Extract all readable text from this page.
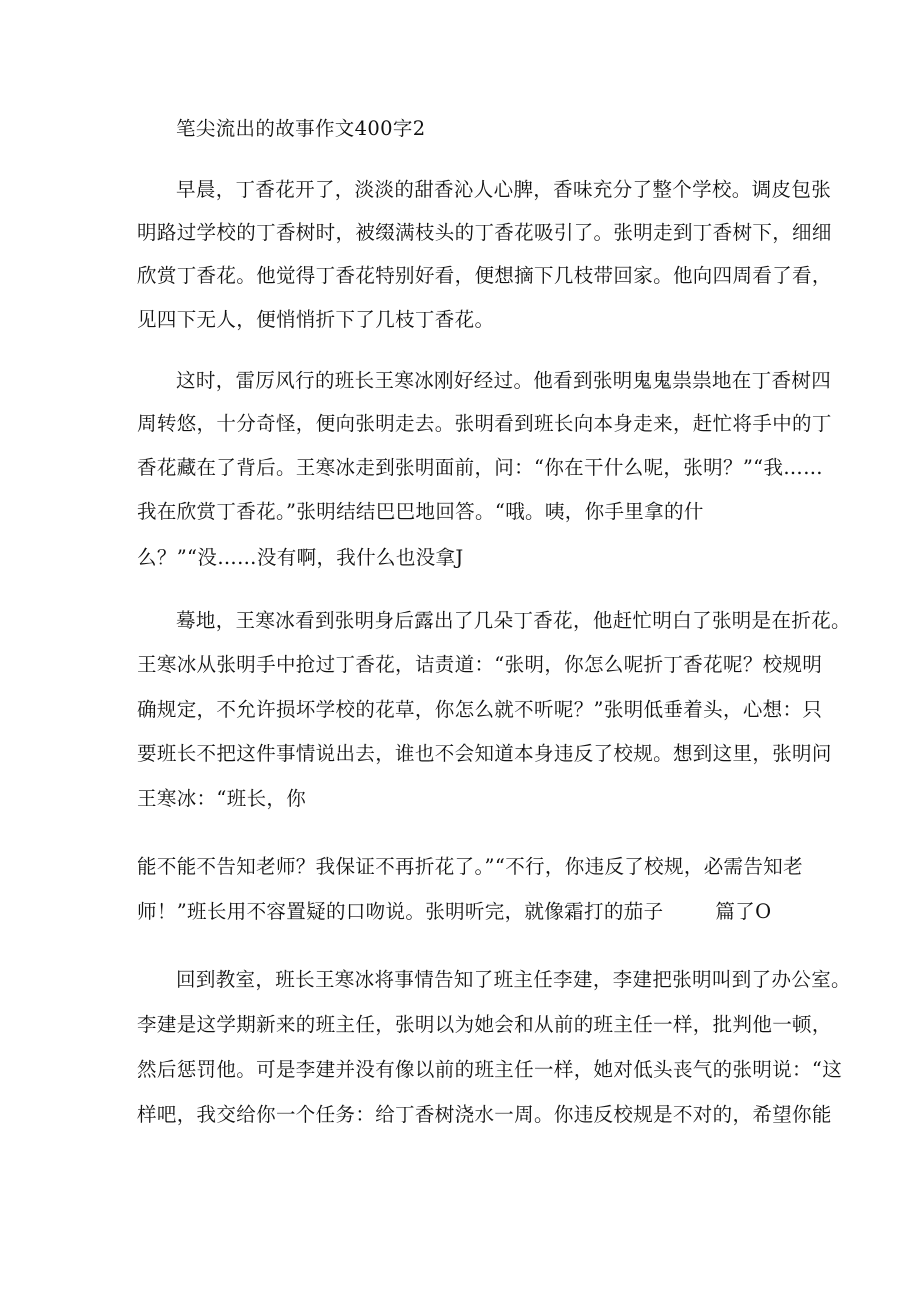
笔尖流出的故事作文400字2
早晨，丁香花开了，淡淡的甜香沁人心脾，香味充分了整个学校。调皮包张
明路过学校的丁香树时，被缀满枝头的丁香花吸引了。张明走到丁香树下，细细
欣赏丁香花。他觉得丁香花特别好看，便想摘下几枝带回家。他向四周看了看，
见四下无人，便悄悄折下了几枝丁香花。
这时，雷厉风行的班长王寒冰刚好经过。他看到张明鬼鬼祟祟地在丁香树四
周转悠，十分奇怪，便向张明走去。张明看到班长向本身走来，赶忙将手中的丁
香花藏在了背后。王寒冰走到张明面前，问：“你在干什么呢，张明？”“我……
我在欣赏丁香花。”张明结结巴巴地回答。“哦。咦，你手里拿的什
么？”“没……没有啊，我什么也没拿J
蓦地，王寒冰看到张明身后露出了几朵丁香花，他赶忙明白了张明是在折花。
王寒冰从张明手中抢过丁香花，诘责道：“张明，你怎么呢折丁香花呢？校规明
确规定，不允许损坏学校的花草，你怎么就不听呢？”张明低垂着头，心想：只
要班长不把这件事情说出去，谁也不会知道本身违反了校规。想到这里，张明问
王寒冰：“班长，你
能不能不告知老师？我保证不再折花了。”“不行，你违反了校规，必需告知老
师！”班长用不容置疑的口吻说。张明听完，就像霜打的茄子	篇了O
回到教室，班长王寒冰将事情告知了班主任李建，李建把张明叫到了办公室。
李建是这学期新来的班主任，张明以为她会和从前的班主任一样，批判他一顿，
然后惩罚他。可是李建并没有像以前的班主任一样，她对低头丧气的张明说：“这
样吧，我交给你一个任务：给丁香树浇水一周。你违反校规是不对的，希望你能
